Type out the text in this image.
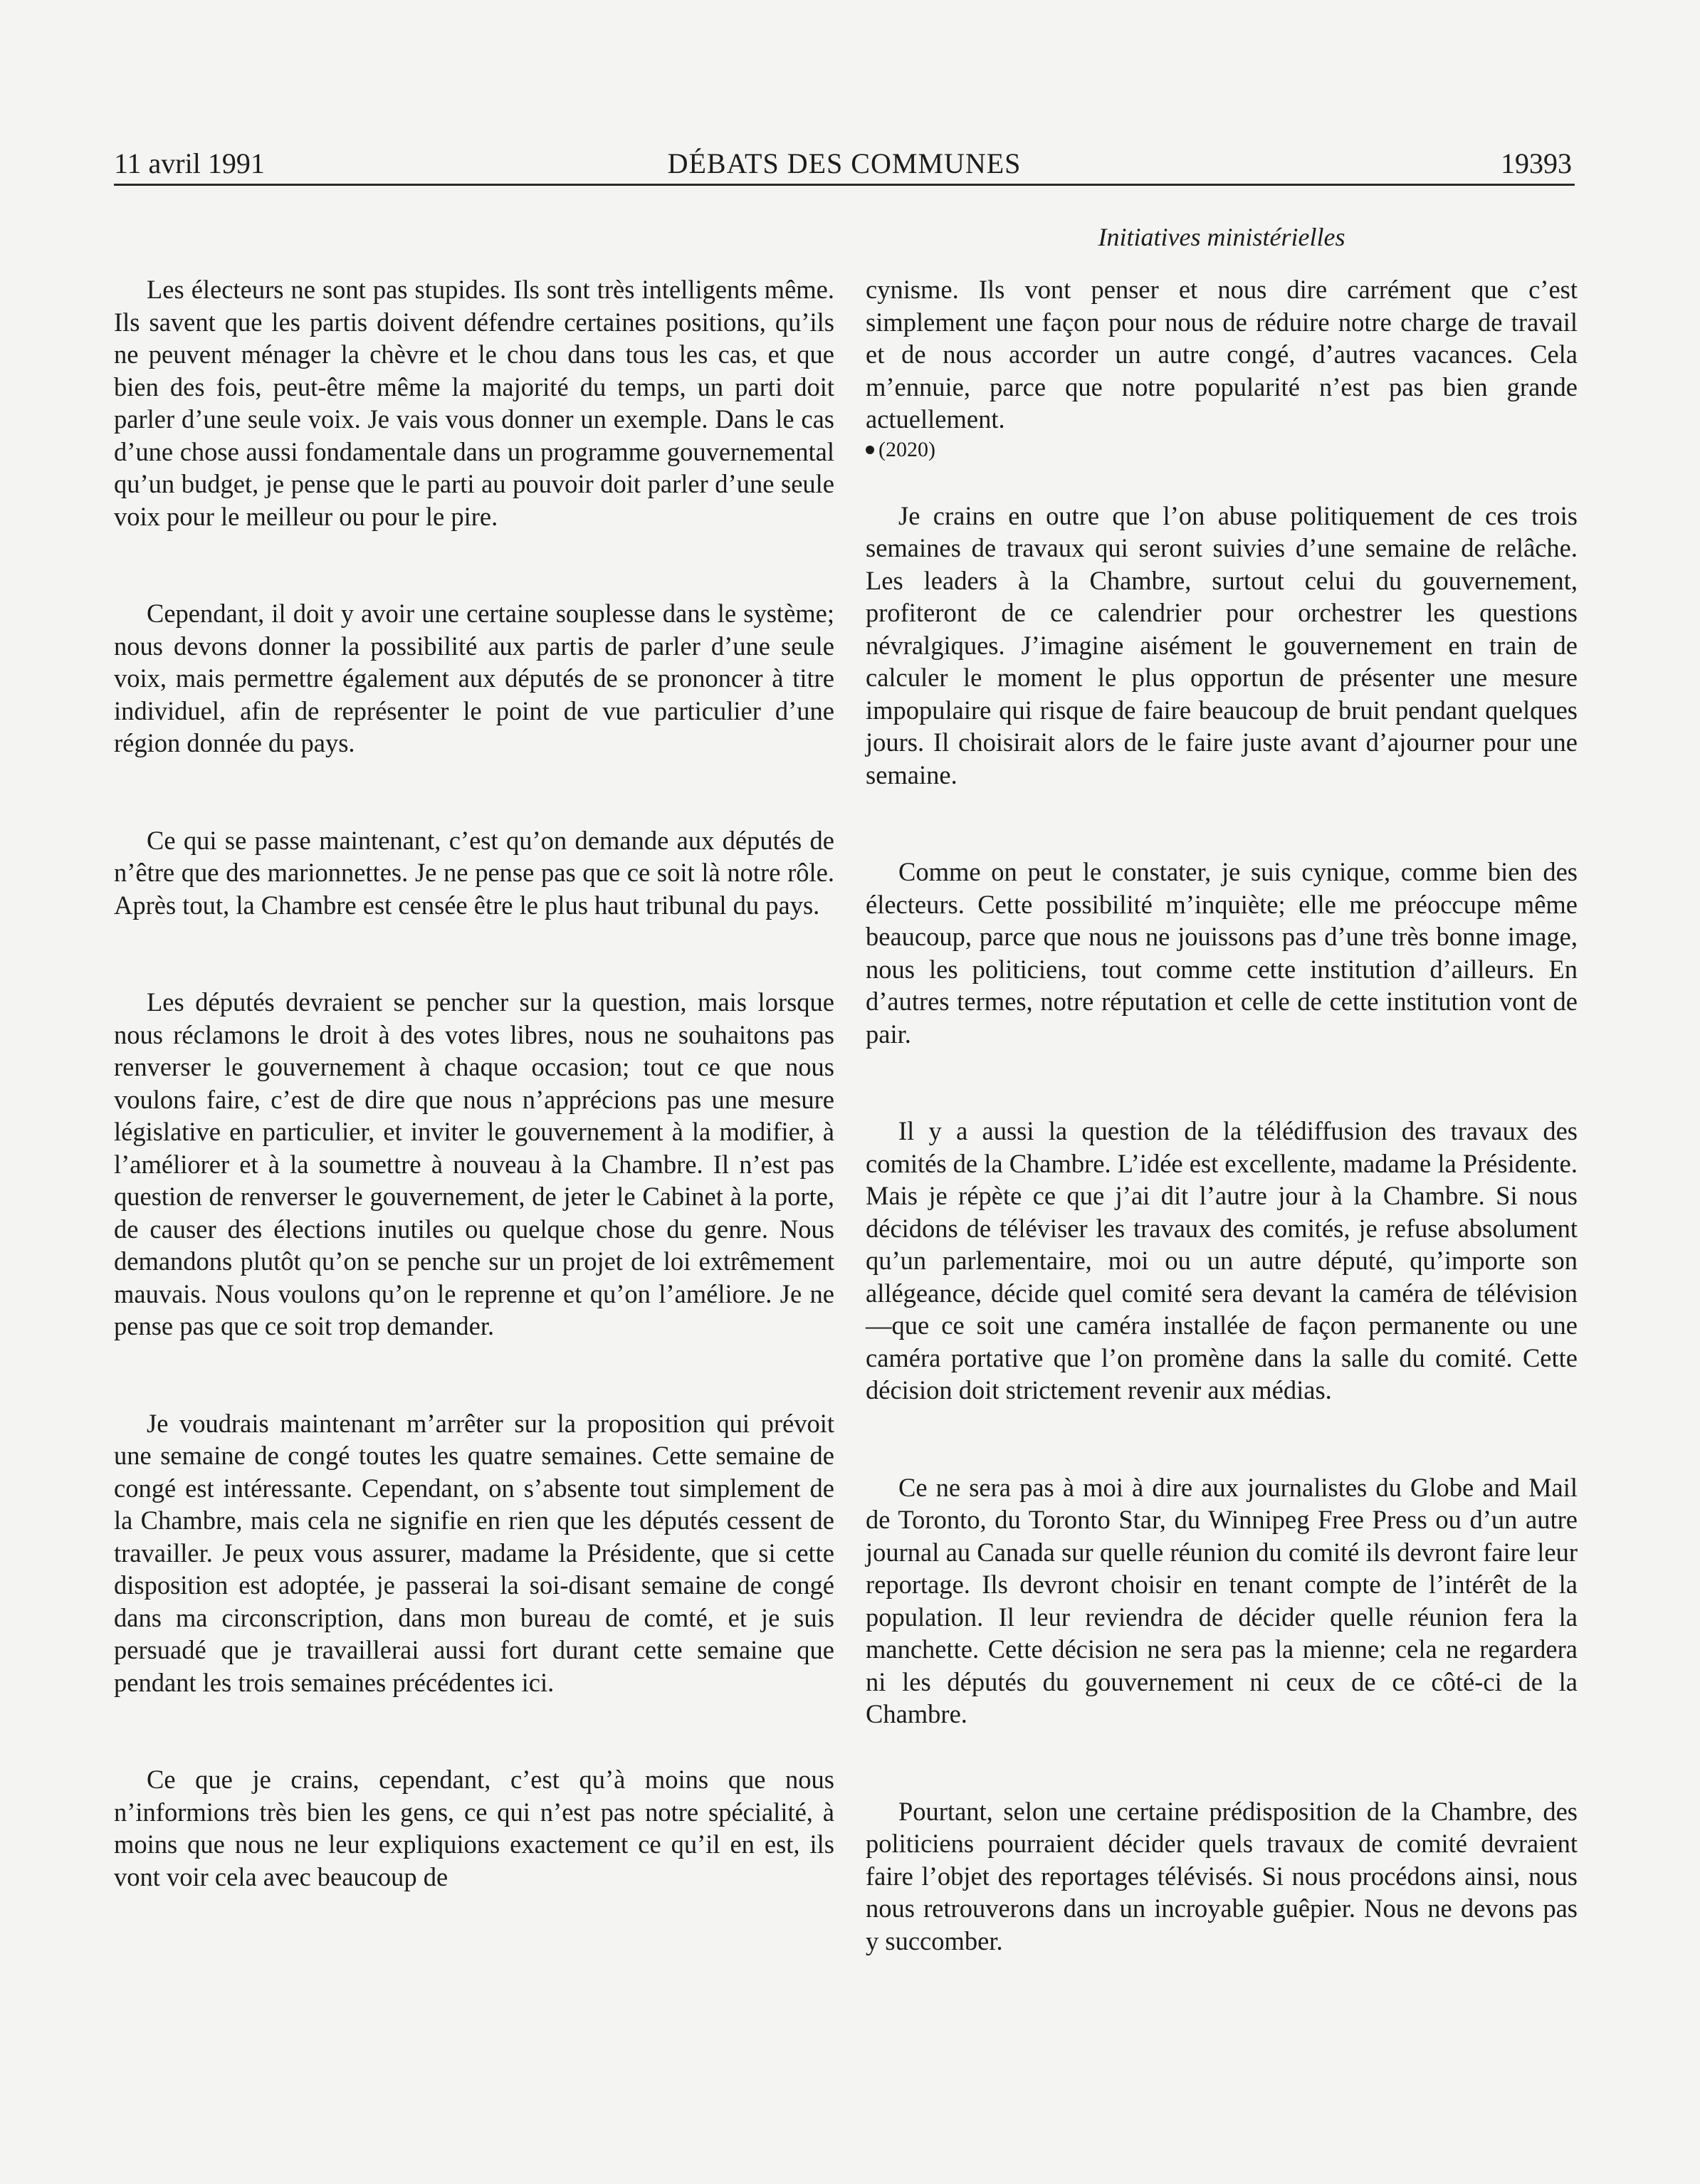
11 avril 1991	DÉBATS DES COMMUNES	19393
Initiatives ministérielles

Les électeurs ne sont pas stupides. Ils sont très intelligents même. Ils savent que les partis doivent défendre certaines positions, qu’ils ne peuvent ménager la chèvre et le chou dans tous les cas, et que bien des fois, peut-être même la majorité du temps, un parti doit parler d’une seule voix. Je vais vous donner un exemple. Dans le cas d’une chose aussi fondamentale dans un programme gouvernemental qu’un budget, je pense que le parti au pouvoir doit parler d’une seule voix pour le meilleur ou pour le pire.

Cependant, il doit y avoir une certaine souplesse dans le système; nous devons donner la possibilité aux partis de parler d’une seule voix, mais permettre également aux députés de se prononcer à titre individuel, afin de représenter le point de vue particulier d’une région donnée du pays.

Ce qui se passe maintenant, c’est qu’on demande aux députés de n’être que des marionnettes. Je ne pense pas que ce soit là notre rôle. Après tout, la Chambre est censée être le plus haut tribunal du pays.

Les députés devraient se pencher sur la question, mais lorsque nous réclamons le droit à des votes libres, nous ne souhaitons pas renverser le gouvernement à chaque occasion; tout ce que nous voulons faire, c’est de dire que nous n’apprécions pas une mesure législative en particulier, et inviter le gouvernement à la modifier, à l’améliorer et à la soumettre à nouveau à la Chambre. Il n’est pas question de renverser le gouvernement, de jeter le Cabinet à la porte, de causer des élections inutiles ou quelque chose du genre. Nous demandons plutôt qu’on se penche sur un projet de loi extrêmement mauvais. Nous voulons qu’on le reprenne et qu’on l’améliore. Je ne pense pas que ce soit trop demander.

Je voudrais maintenant m’arrêter sur la proposition qui prévoit une semaine de congé toutes les quatre semaines. Cette semaine de congé est intéressante. Cependant, on s’absente tout simplement de la Chambre, mais cela ne signifie en rien que les députés cessent de travailler. Je peux vous assurer, madame la Présidente, que si cette disposition est adoptée, je passerai la soi-disant semaine de congé dans ma circonscription, dans mon bureau de comté, et je suis persuadé que je travaillerai aussi fort durant cette semaine que pendant les trois semaines précédentes ici.

Ce que je crains, cependant, c’est qu’à moins que nous n’informions très bien les gens, ce qui n’est pas notre spécialité, à moins que nous ne leur expliquions exactement ce qu’il en est, ils vont voir cela avec beaucoup de

cynisme. Ils vont penser et nous dire carrément que c’est simplement une façon pour nous de réduire notre charge de travail et de nous accorder un autre congé, d’autres vacances. Cela m’ennuie, parce que notre popularité n’est pas bien grande actuellement.

(2020)

Je crains en outre que l’on abuse politiquement de ces trois semaines de travaux qui seront suivies d’une semaine de relâche. Les leaders à la Chambre, surtout celui du gouvernement, profiteront de ce calendrier pour orchestrer les questions névralgiques. J’imagine aisément le gouvernement en train de calculer le moment le plus opportun de présenter une mesure impopulaire qui risque de faire beaucoup de bruit pendant quelques jours. Il choisirait alors de le faire juste avant d’ajourner pour une semaine.

Comme on peut le constater, je suis cynique, comme bien des électeurs. Cette possibilité m’inquiète; elle me préoccupe même beaucoup, parce que nous ne jouissons pas d’une très bonne image, nous les politiciens, tout comme cette institution d’ailleurs. En d’autres termes, notre réputation et celle de cette institution vont de pair.

Il y a aussi la question de la télédiffusion des travaux des comités de la Chambre. L’idée est excellente, madame la Présidente. Mais je répète ce que j’ai dit l’autre jour à la Chambre. Si nous décidons de téléviser les travaux des comités, je refuse absolument qu’un parlementaire, moi ou un autre député, qu’importe son allégeance, décide quel comité sera devant la caméra de télévision—que ce soit une caméra installée de façon permanente ou une caméra portative que l’on promène dans la salle du comité. Cette décision doit strictement revenir aux médias.

Ce ne sera pas à moi à dire aux journalistes du Globe and Mail de Toronto, du Toronto Star, du Winnipeg Free Press ou d’un autre journal au Canada sur quelle réunion du comité ils devront faire leur reportage. Ils devront choisir en tenant compte de l’intérêt de la population. Il leur reviendra de décider quelle réunion fera la manchette. Cette décision ne sera pas la mienne; cela ne regardera ni les députés du gouvernement ni ceux de ce côté-ci de la Chambre.

Pourtant, selon une certaine prédisposition de la Chambre, des politiciens pourraient décider quels travaux de comité devraient faire l’objet des reportages télévisés. Si nous procédons ainsi, nous nous retrouverons dans un incroyable guêpier. Nous ne devons pas y succomber.
